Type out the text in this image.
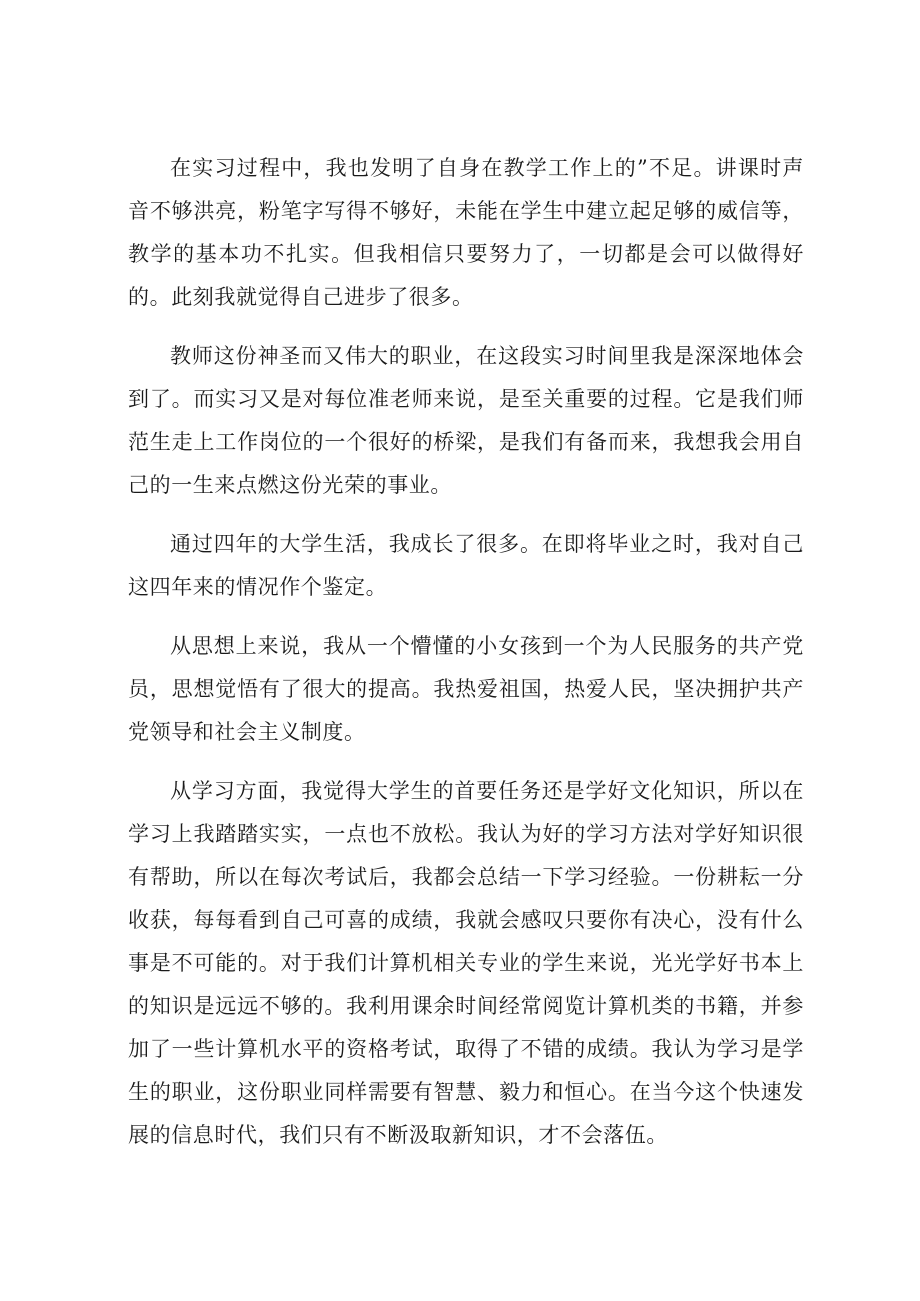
在实习过程中，我也发明了自身在教学工作上的”不足。讲课时声音不够洪亮，粉笔字写得不够好，未能在学生中建立起足够的威信等，教学的基本功不扎实。但我相信只要努力了，一切都是会可以做得好的。此刻我就觉得自己进步了很多。

教师这份神圣而又伟大的职业，在这段实习时间里我是深深地体会到了。而实习又是对每位准老师来说，是至关重要的过程。它是我们师范生走上工作岗位的一个很好的桥梁，是我们有备而来，我想我会用自己的一生来点燃这份光荣的事业。

通过四年的大学生活，我成长了很多。在即将毕业之时，我对自己这四年来的情况作个鉴定。

从思想上来说，我从一个懵懂的小女孩到一个为人民服务的共产党员，思想觉悟有了很大的提高。我热爱祖国，热爱人民，坚决拥护共产党领导和社会主义制度。

从学习方面，我觉得大学生的首要任务还是学好文化知识，所以在学习上我踏踏实实，一点也不放松。我认为好的学习方法对学好知识很有帮助，所以在每次考试后，我都会总结一下学习经验。一份耕耘一分收获，每每看到自己可喜的成绩，我就会感叹只要你有决心，没有什么事是不可能的。对于我们计算机相关专业的学生来说，光光学好书本上的知识是远远不够的。我利用课余时间经常阅览计算机类的书籍，并参加了一些计算机水平的资格考试，取得了不错的成绩。我认为学习是学生的职业，这份职业同样需要有智慧、毅力和恒心。在当今这个快速发展的信息时代，我们只有不断汲取新知识，才不会落伍。
